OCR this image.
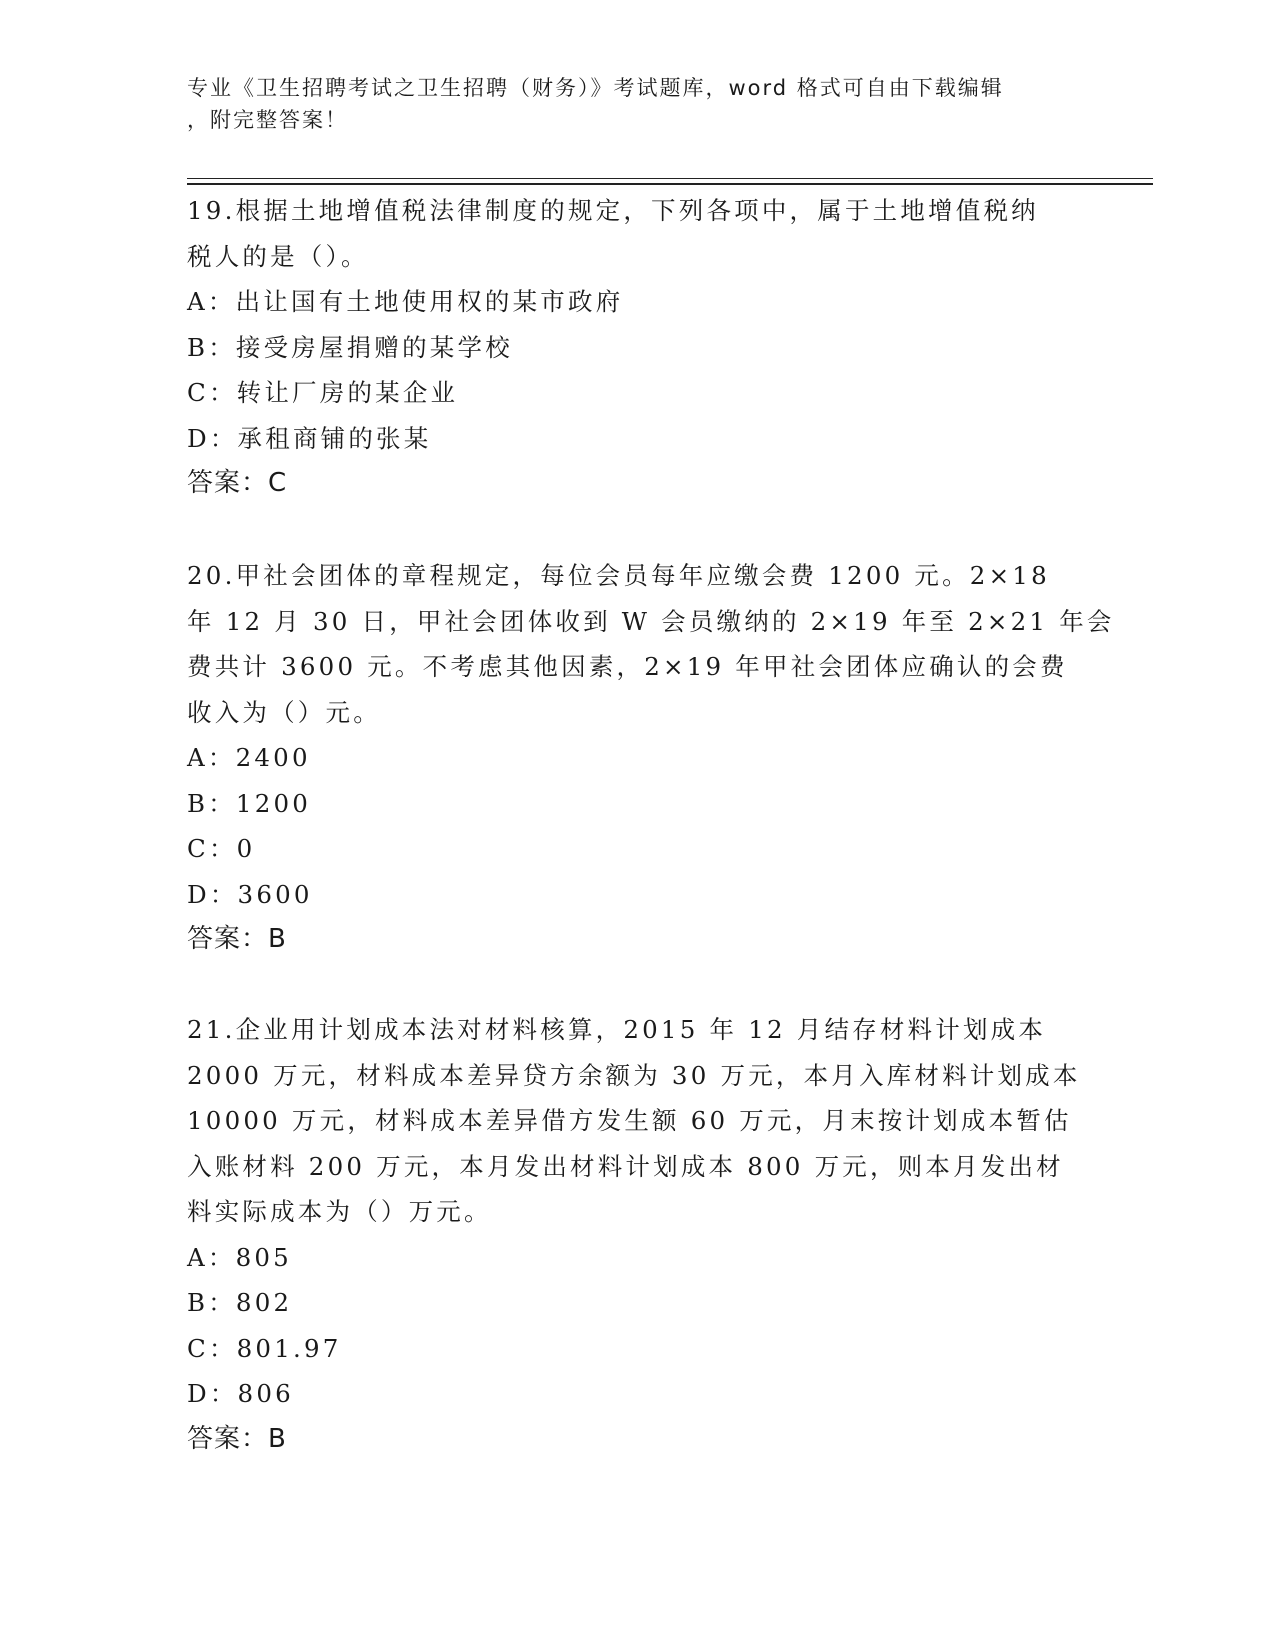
专业《卫生招聘考试之卫生招聘（财务）》考试题库，word 格式可自由下载编辑
，附完整答案！
19.根据土地增值税法律制度的规定，下列各项中，属于土地增值税纳
税人的是（）。
A：出让国有土地使用权的某市政府
B：接受房屋捐赠的某学校
C：转让厂房的某企业
D：承租商铺的张某
答案：C
20.甲社会团体的章程规定，每位会员每年应缴会费 1200 元。2×18
年 12 月 30 日，甲社会团体收到 W 会员缴纳的 2×19 年至 2×21 年会
费共计 3600 元。不考虑其他因素，2×19 年甲社会团体应确认的会费
收入为（）元。
A：2400
B：1200
C：0
D：3600
答案：B
21.企业用计划成本法对材料核算，2015 年 12 月结存材料计划成本
2000 万元，材料成本差异贷方余额为 30 万元，本月入库材料计划成本
10000 万元，材料成本差异借方发生额 60 万元，月末按计划成本暂估
入账材料 200 万元，本月发出材料计划成本 800 万元，则本月发出材
料实际成本为（）万元。
A：805
B：802
C：801.97
D：806
答案：B
